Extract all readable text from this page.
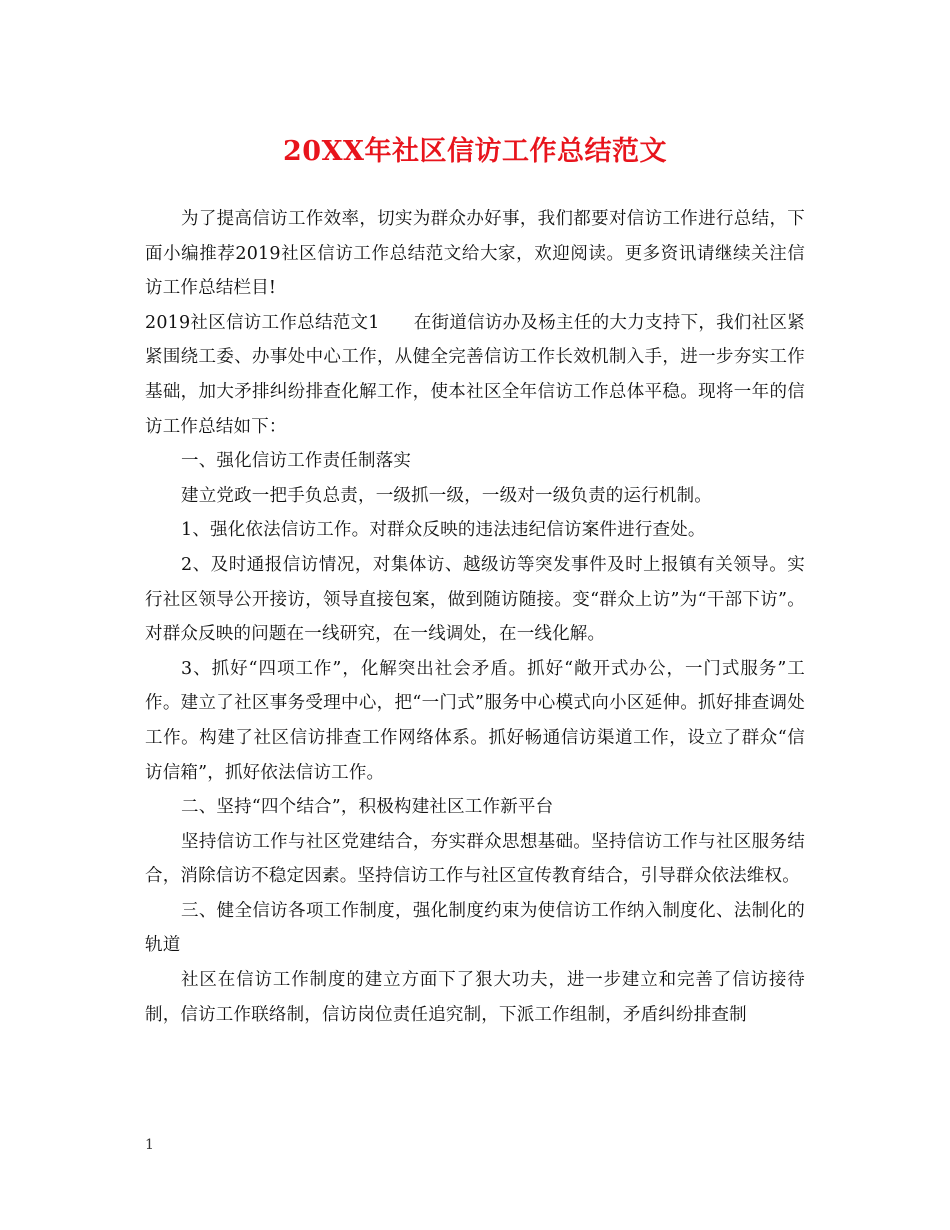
20XX年社区信访工作总结范文

为了提高信访工作效率，切实为群众办好事，我们都要对信访工作进行总结，下面小编推荐2019社区信访工作总结范文给大家，欢迎阅读。更多资讯请继续关注信访工作总结栏目!

2019社区信访工作总结范文1 在街道信访办及杨主任的大力支持下，我们社区紧紧围绕工委、办事处中心工作，从健全完善信访工作长效机制入手，进一步夯实工作基础，加大矛排纠纷排查化解工作，使本社区全年信访工作总体平稳。现将一年的信访工作总结如下：

一、强化信访工作责任制落实

建立党政一把手负总责，一级抓一级，一级对一级负责的运行机制。

1、强化依法信访工作。对群众反映的违法违纪信访案件进行查处。

2、及时通报信访情况，对集体访、越级访等突发事件及时上报镇有关领导。实行社区领导公开接访，领导直接包案，做到随访随接。变“群众上访”为“干部下访”。对群众反映的问题在一线研究，在一线调处，在一线化解。

3、抓好“四项工作”，化解突出社会矛盾。抓好“敞开式办公，一门式服务”工作。建立了社区事务受理中心，把“一门式”服务中心模式向小区延伸。抓好排查调处工作。构建了社区信访排查工作网络体系。抓好畅通信访渠道工作，设立了群众“信访信箱”，抓好依法信访工作。

二、坚持“四个结合”，积极构建社区工作新平台

坚持信访工作与社区党建结合，夯实群众思想基础。坚持信访工作与社区服务结合，消除信访不稳定因素。坚持信访工作与社区宣传教育结合，引导群众依法维权。

三、健全信访各项工作制度，强化制度约束为使信访工作纳入制度化、法制化的轨道

社区在信访工作制度的建立方面下了狠大功夫，进一步建立和完善了信访接待制，信访工作联络制，信访岗位责任追究制，下派工作组制，矛盾纠纷排查制

1
